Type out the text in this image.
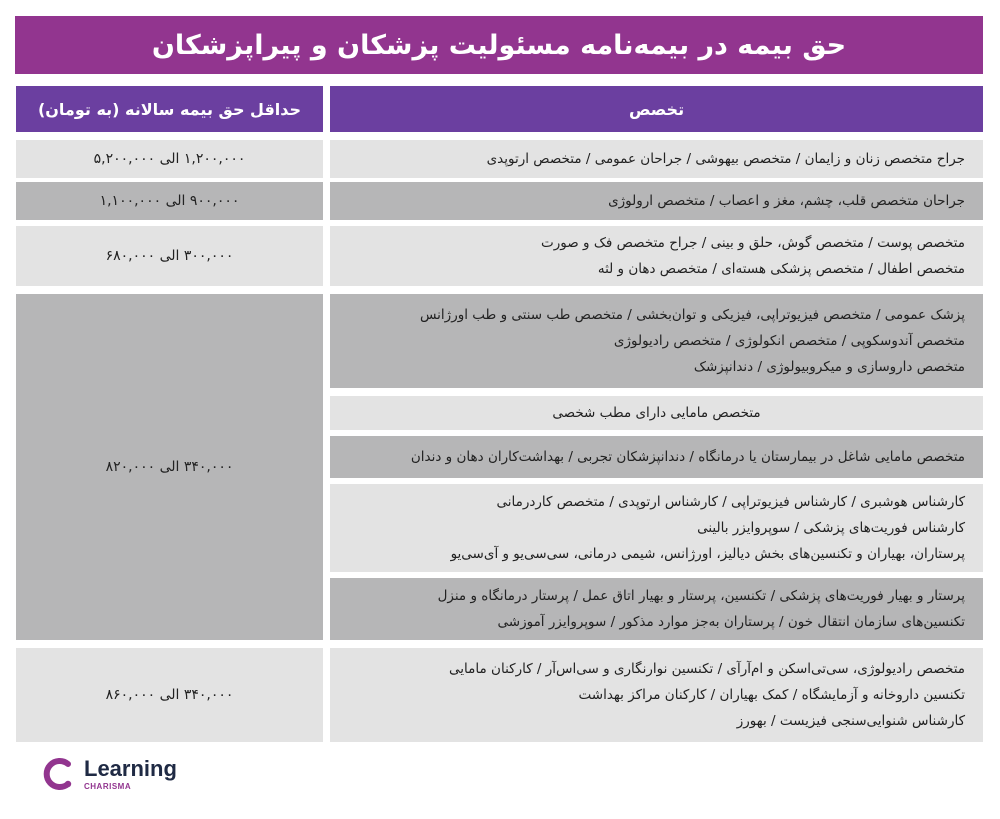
حق بیمه در بیمه‌نامه مسئولیت پزشکان و پیراپزشکان
تخصص
حداقل حق بیمه سالانه (به تومان)
۱,۲۰۰,۰۰۰ الی ۵,۲۰۰,۰۰۰	جراح متخصص زنان و زایمان / متخصص بیهوشی / جراحان عمومی / متخصص ارتوپدی
۹۰۰,۰۰۰ الی ۱,۱۰۰,۰۰۰	جراحان متخصص قلب، چشم، مغز و اعصاب / متخصص ارولوژی
۳۰۰,۰۰۰ الی ۶۸۰,۰۰۰
متخصص پوست / متخصص گوش، حلق و بینی / جراح متخصص فک و صورت
متخصص اطفال / متخصص پزشکی هسته‌ای / متخصص دهان و لثه
۳۴۰,۰۰۰ الی ۸۲۰,۰۰۰
پزشک عمومی / متخصص فیزیوتراپی، فیزیکی و توان‌بخشی / متخصص طب سنتی و طب اورژانس
متخصص آندوسکوپی / متخصص انکولوژی / متخصص رادیولوژی
متخصص داروسازی و میکروبیولوژی / دندانپزشک
متخصص مامایی دارای مطب شخصی
متخصص مامایی شاغل در بیمارستان یا درمانگاه / دندانپزشکان تجربی / بهداشت‌کاران دهان و دندان
کارشناس هوشبری / کارشناس فیزیوتراپی / کارشناس ارتوپدی / متخصص کاردرمانی
کارشناس فوریت‌های پزشکی / سوپروایزر بالینی
پرستاران، بهیاران و تکنسین‌های بخش دیالیز، اورژانس، شیمی درمانی، سی‌سی‌یو و آی‌سی‌یو
پرستار و بهیار فوریت‌های پزشکی / تکنسین، پرستار و بهیار اتاق عمل / پرستار درمانگاه و منزل
تکنسین‌های سازمان انتقال خون / پرستاران به‌جز موارد مذکور / سوپروایزر آموزشی
۳۴۰,۰۰۰ الی ۸۶۰,۰۰۰
متخصص رادیولوژی، سی‌تی‌اسکن و ام‌آرآی / تکنسین نوارنگاری و سی‌اس‌آر / کارکنان مامایی
تکنسین داروخانه و آزمایشگاه / کمک بهیاران / کارکنان مراکز بهداشت
کارشناس شنوایی‌سنجی فیزیست / بهورز
Learning
CHARISMA
